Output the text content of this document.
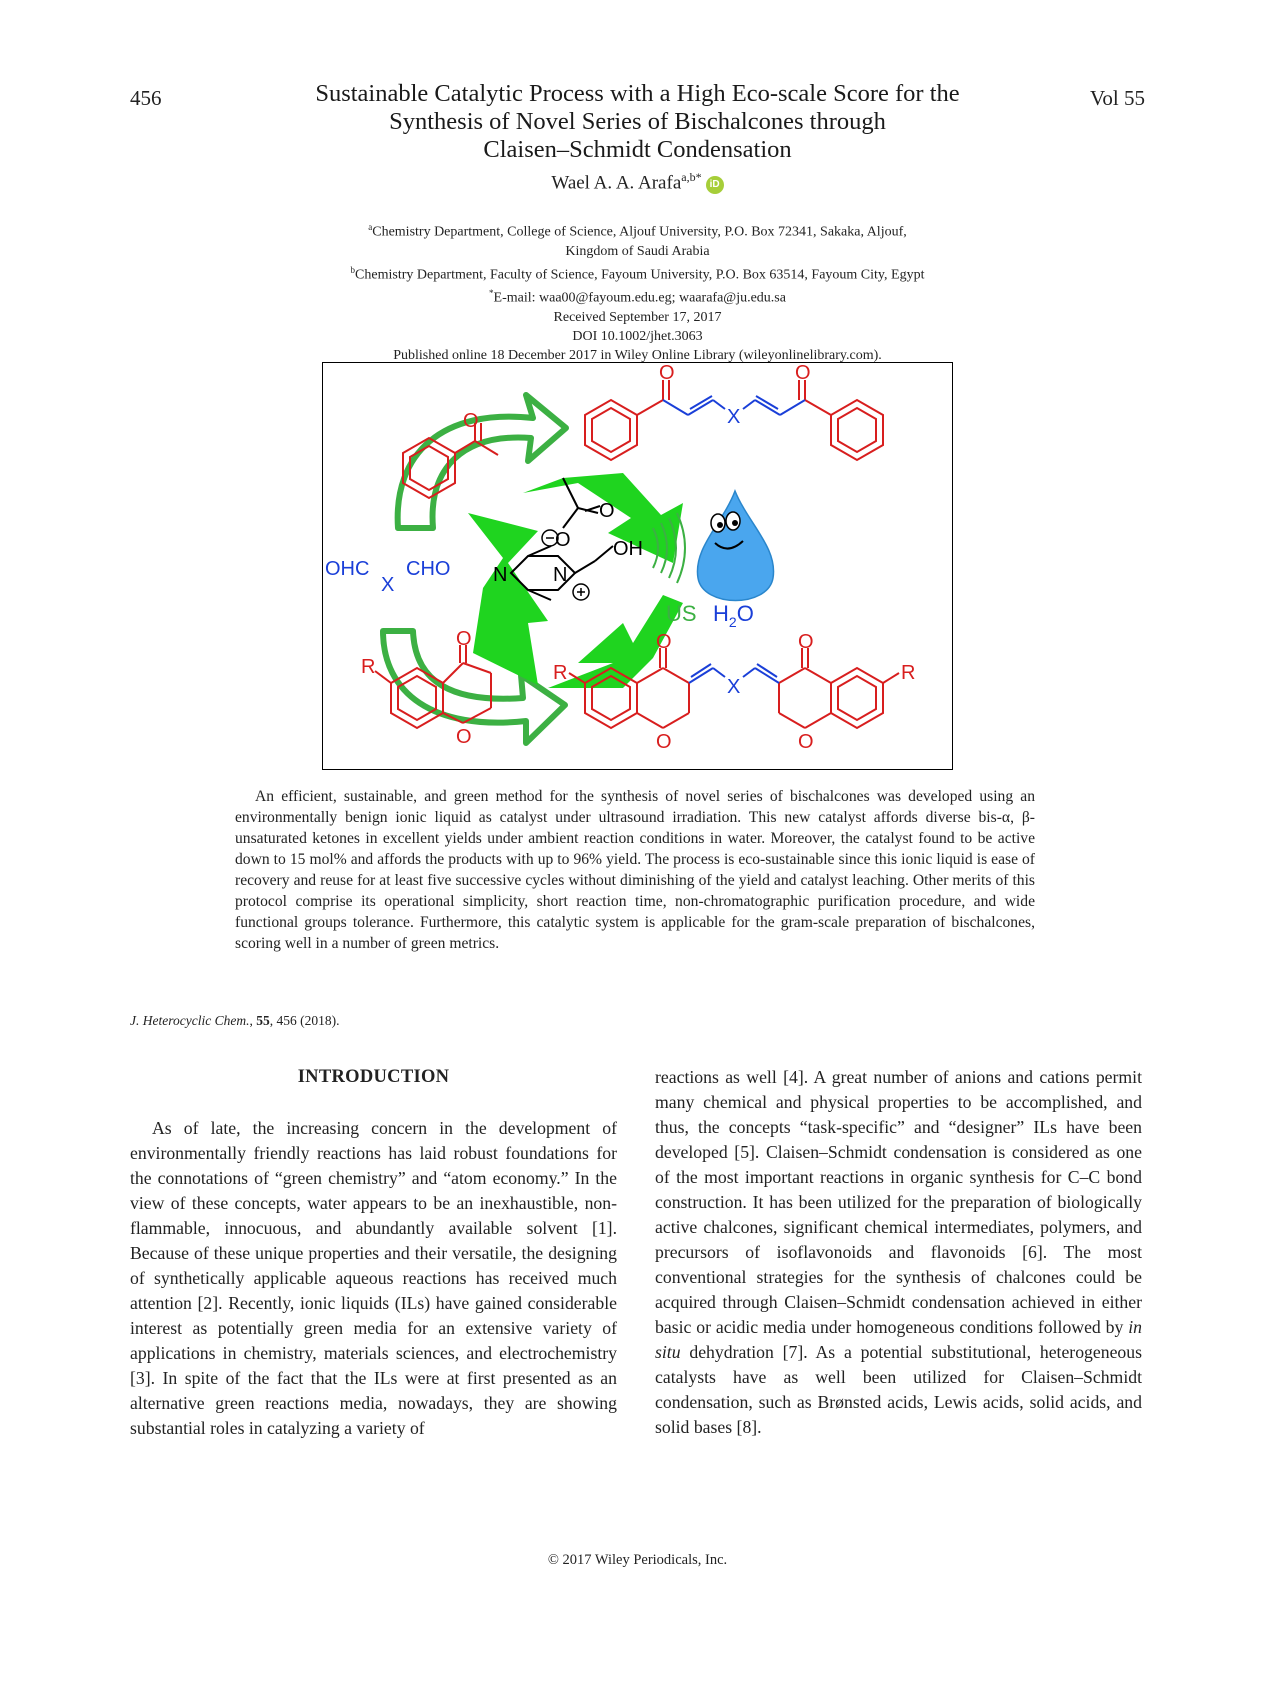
456	Vol 55
Sustainable Catalytic Process with a High Eco-scale Score for the
Synthesis of Novel Series of Bischalcones through
Claisen–Schmidt Condensation
Wael A. A. Arafa$^{a,b*}$iD
$^a$Chemistry Department, College of Science, Aljouf University, P.O. Box 72341, Sakaka, Aljouf,
Kingdom of Saudi Arabia
$^b$Chemistry Department, Faculty of Science, Fayoum University, P.O. Box 63514, Fayoum City, Egypt
*E-mail: waa00@fayoum.edu.eg; waarafa@ju.edu.sa
Received September 17, 2017
DOI 10.1002/jhet.3063
Published online 18 December 2017 in Wiley Online Library (wileyonlinelibrary.com).
O
O	O
X
OHC
X
CHO N N
OH
O
O
US $H_2O$
R
O
O
R	R
X
O	O
O	O

An efficient, sustainable, and green method for the synthesis of novel series of bischalcones was developed using an environmentally benign ionic liquid as catalyst under ultrasound irradiation. This new catalyst affords diverse bis-α, β-unsaturated ketones in excellent yields under ambient reaction conditions in water. Moreover, the catalyst found to be active down to 15 mol% and affords the products with up to 96% yield. The process is eco-sustainable since this ionic liquid is ease of recovery and reuse for at least five successive cycles without diminishing of the yield and catalyst leaching. Other merits of this protocol comprise its operational simplicity, short reaction time, non-chromatographic purification procedure, and wide functional groups tolerance. Furthermore, this catalytic system is applicable for the gram-scale preparation of bischalcones, scoring well in a number of green metrics.

J. Heterocyclic Chem., 55, 456 (2018).
INTRODUCTION

As of late, the increasing concern in the development of environmentally friendly reactions has laid robust foundations for the connotations of “green chemistry” and “atom economy.” In the view of these concepts, water appears to be an inexhaustible, non-flammable, innocuous, and abundantly available solvent [1]. Because of these unique properties and their versatile, the designing of synthetically applicable aqueous reactions has received much attention [2]. Recently, ionic liquids (ILs) have gained considerable interest as potentially green media for an extensive variety of applications in chemistry, materials sciences, and electrochemistry [3]. In spite of the fact that the ILs were at first presented as an alternative green reactions media, nowadays, they are showing substantial roles in catalyzing a variety of

reactions as well [4]. A great number of anions and cations permit many chemical and physical properties to be accomplished, and thus, the concepts “task-specific” and “designer” ILs have been developed [5]. Claisen–Schmidt condensation is considered as one of the most important reactions in organic synthesis for C–C bond construction. It has been utilized for the preparation of biologically active chalcones, significant chemical intermediates, polymers, and precursors of isoflavonoids and flavonoids [6]. The most conventional strategies for the synthesis of chalcones could be acquired through Claisen–Schmidt condensation achieved in either basic or acidic media under homogeneous conditions followed by in situ dehydration [7]. As a potential substitutional, heterogeneous catalysts have as well been utilized for Claisen–Schmidt condensation, such as Brønsted acids, Lewis acids, solid acids, and solid bases [8].

© 2017 Wiley Periodicals, Inc.
